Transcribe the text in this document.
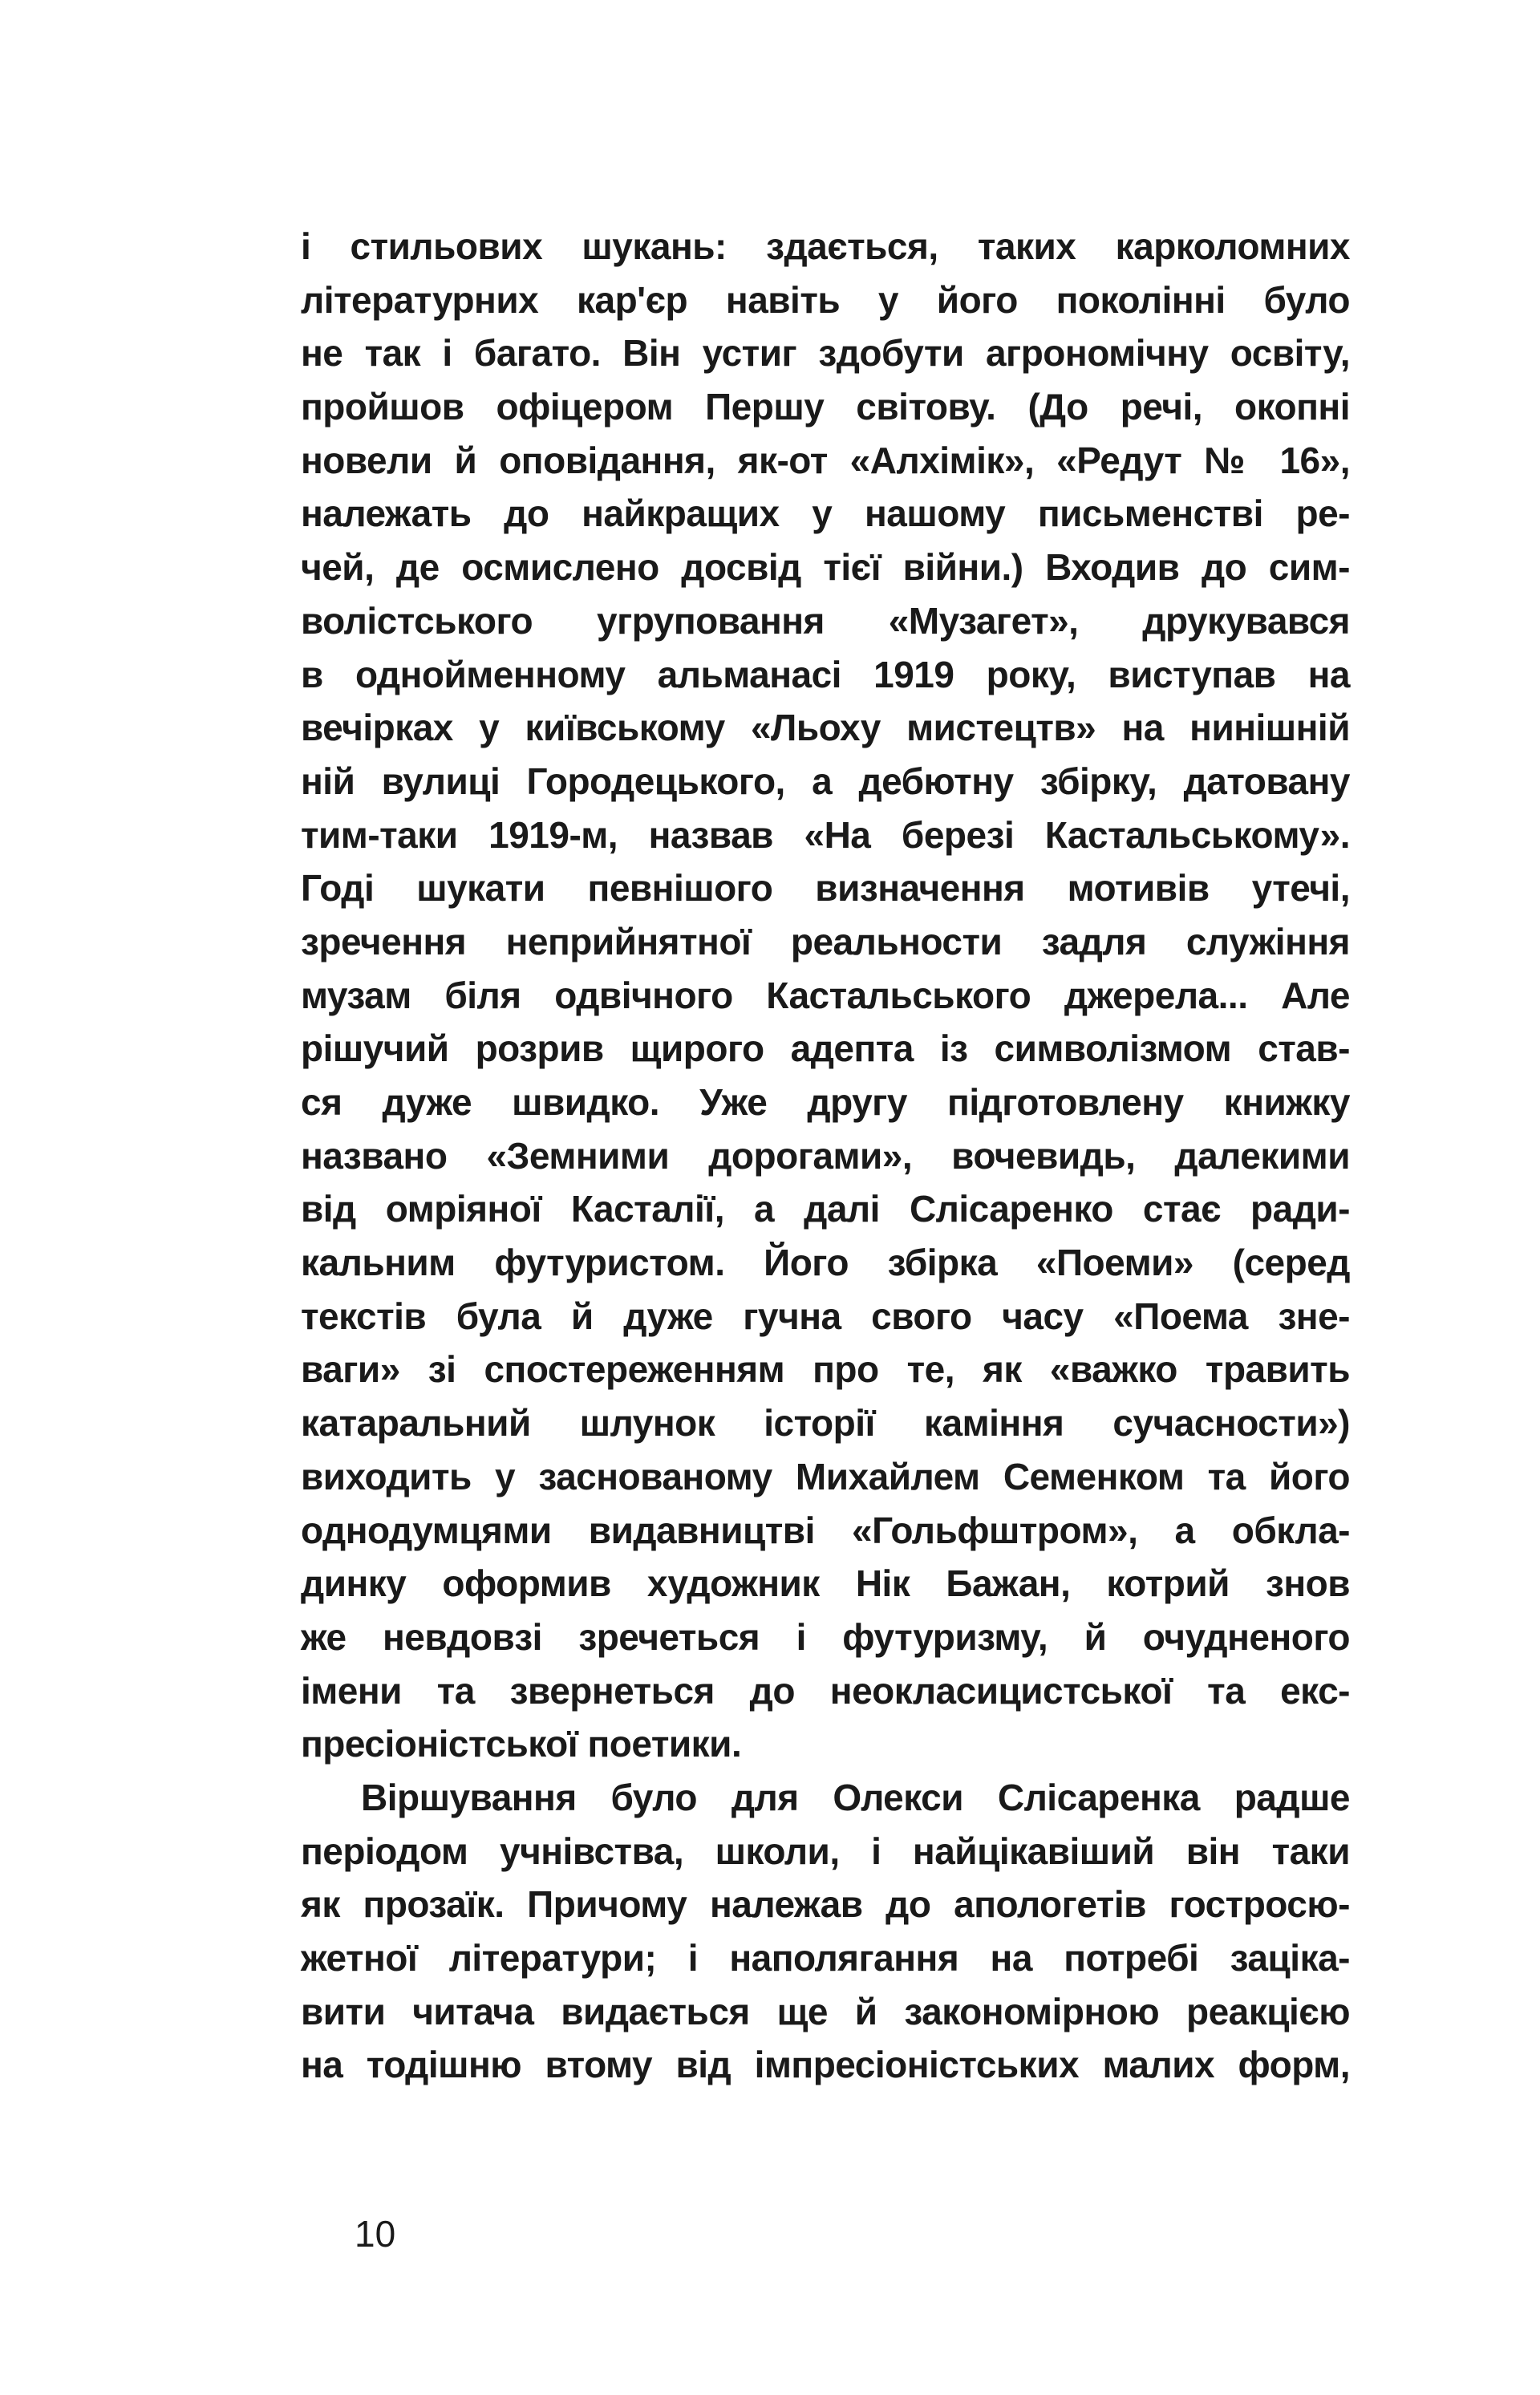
і стильових шукань: здається, таких карколомних
літературних кар'єр навіть у його поколінні було
не так і багато. Він устиг здобути агрономічну освіту,
пройшов офіцером Першу світову. (До речі, окопні
новели й оповідання, як-от «Алхімік», «Редут № 16»,
належать до найкращих у нашому письменстві ре-
чей, де осмислено досвід тієї війни.) Входив до сим-
волістського угруповання «Музагет», друкувався
в однойменному альманасі 1919 року, виступав на
вечірках у київському «Льоху мистецтв» на нинішній
ній вулиці Городецького, а дебютну збірку, датовану
тим-таки 1919-м, назвав «На березі Кастальському».
Годі шукати певнішого визначення мотивів утечі,
зречення неприйнятної реальности задля служіння
музам біля одвічного Кастальського джерела... Але
рішучий розрив щирого адепта із символізмом став-
ся дуже швидко. Уже другу підготовлену книжку
названо «Земними дорогами», вочевидь, далекими
від омріяної Касталії, а далі Слісаренко стає ради-
кальним футуристом. Його збірка «Поеми» (серед
текстів була й дуже гучна свого часу «Поема зне-
ваги» зі спостереженням про те, як «важко травить
катаральний шлунок історії каміння сучасности»)
виходить у заснованому Михайлем Семенком та його
однодумцями видавництві «Гольфштром», а обкла-
динку оформив художник Нік Бажан, котрий знов
же невдовзі зречеться і футуризму, й очудненого
імени та звернеться до неокласицистської та екс-
пресіоністської поетики.
Віршування було для Олекси Слісаренка радше
періодом учнівства, школи, і найцікавіший він таки
як прозаїк. Причому належав до апологетів гостросю-
жетної літератури; і наполягання на потребі зацікa-
вити читача видається ще й закономірною реакцією
на тодішню втому від імпресіоністських малих форм,
10
